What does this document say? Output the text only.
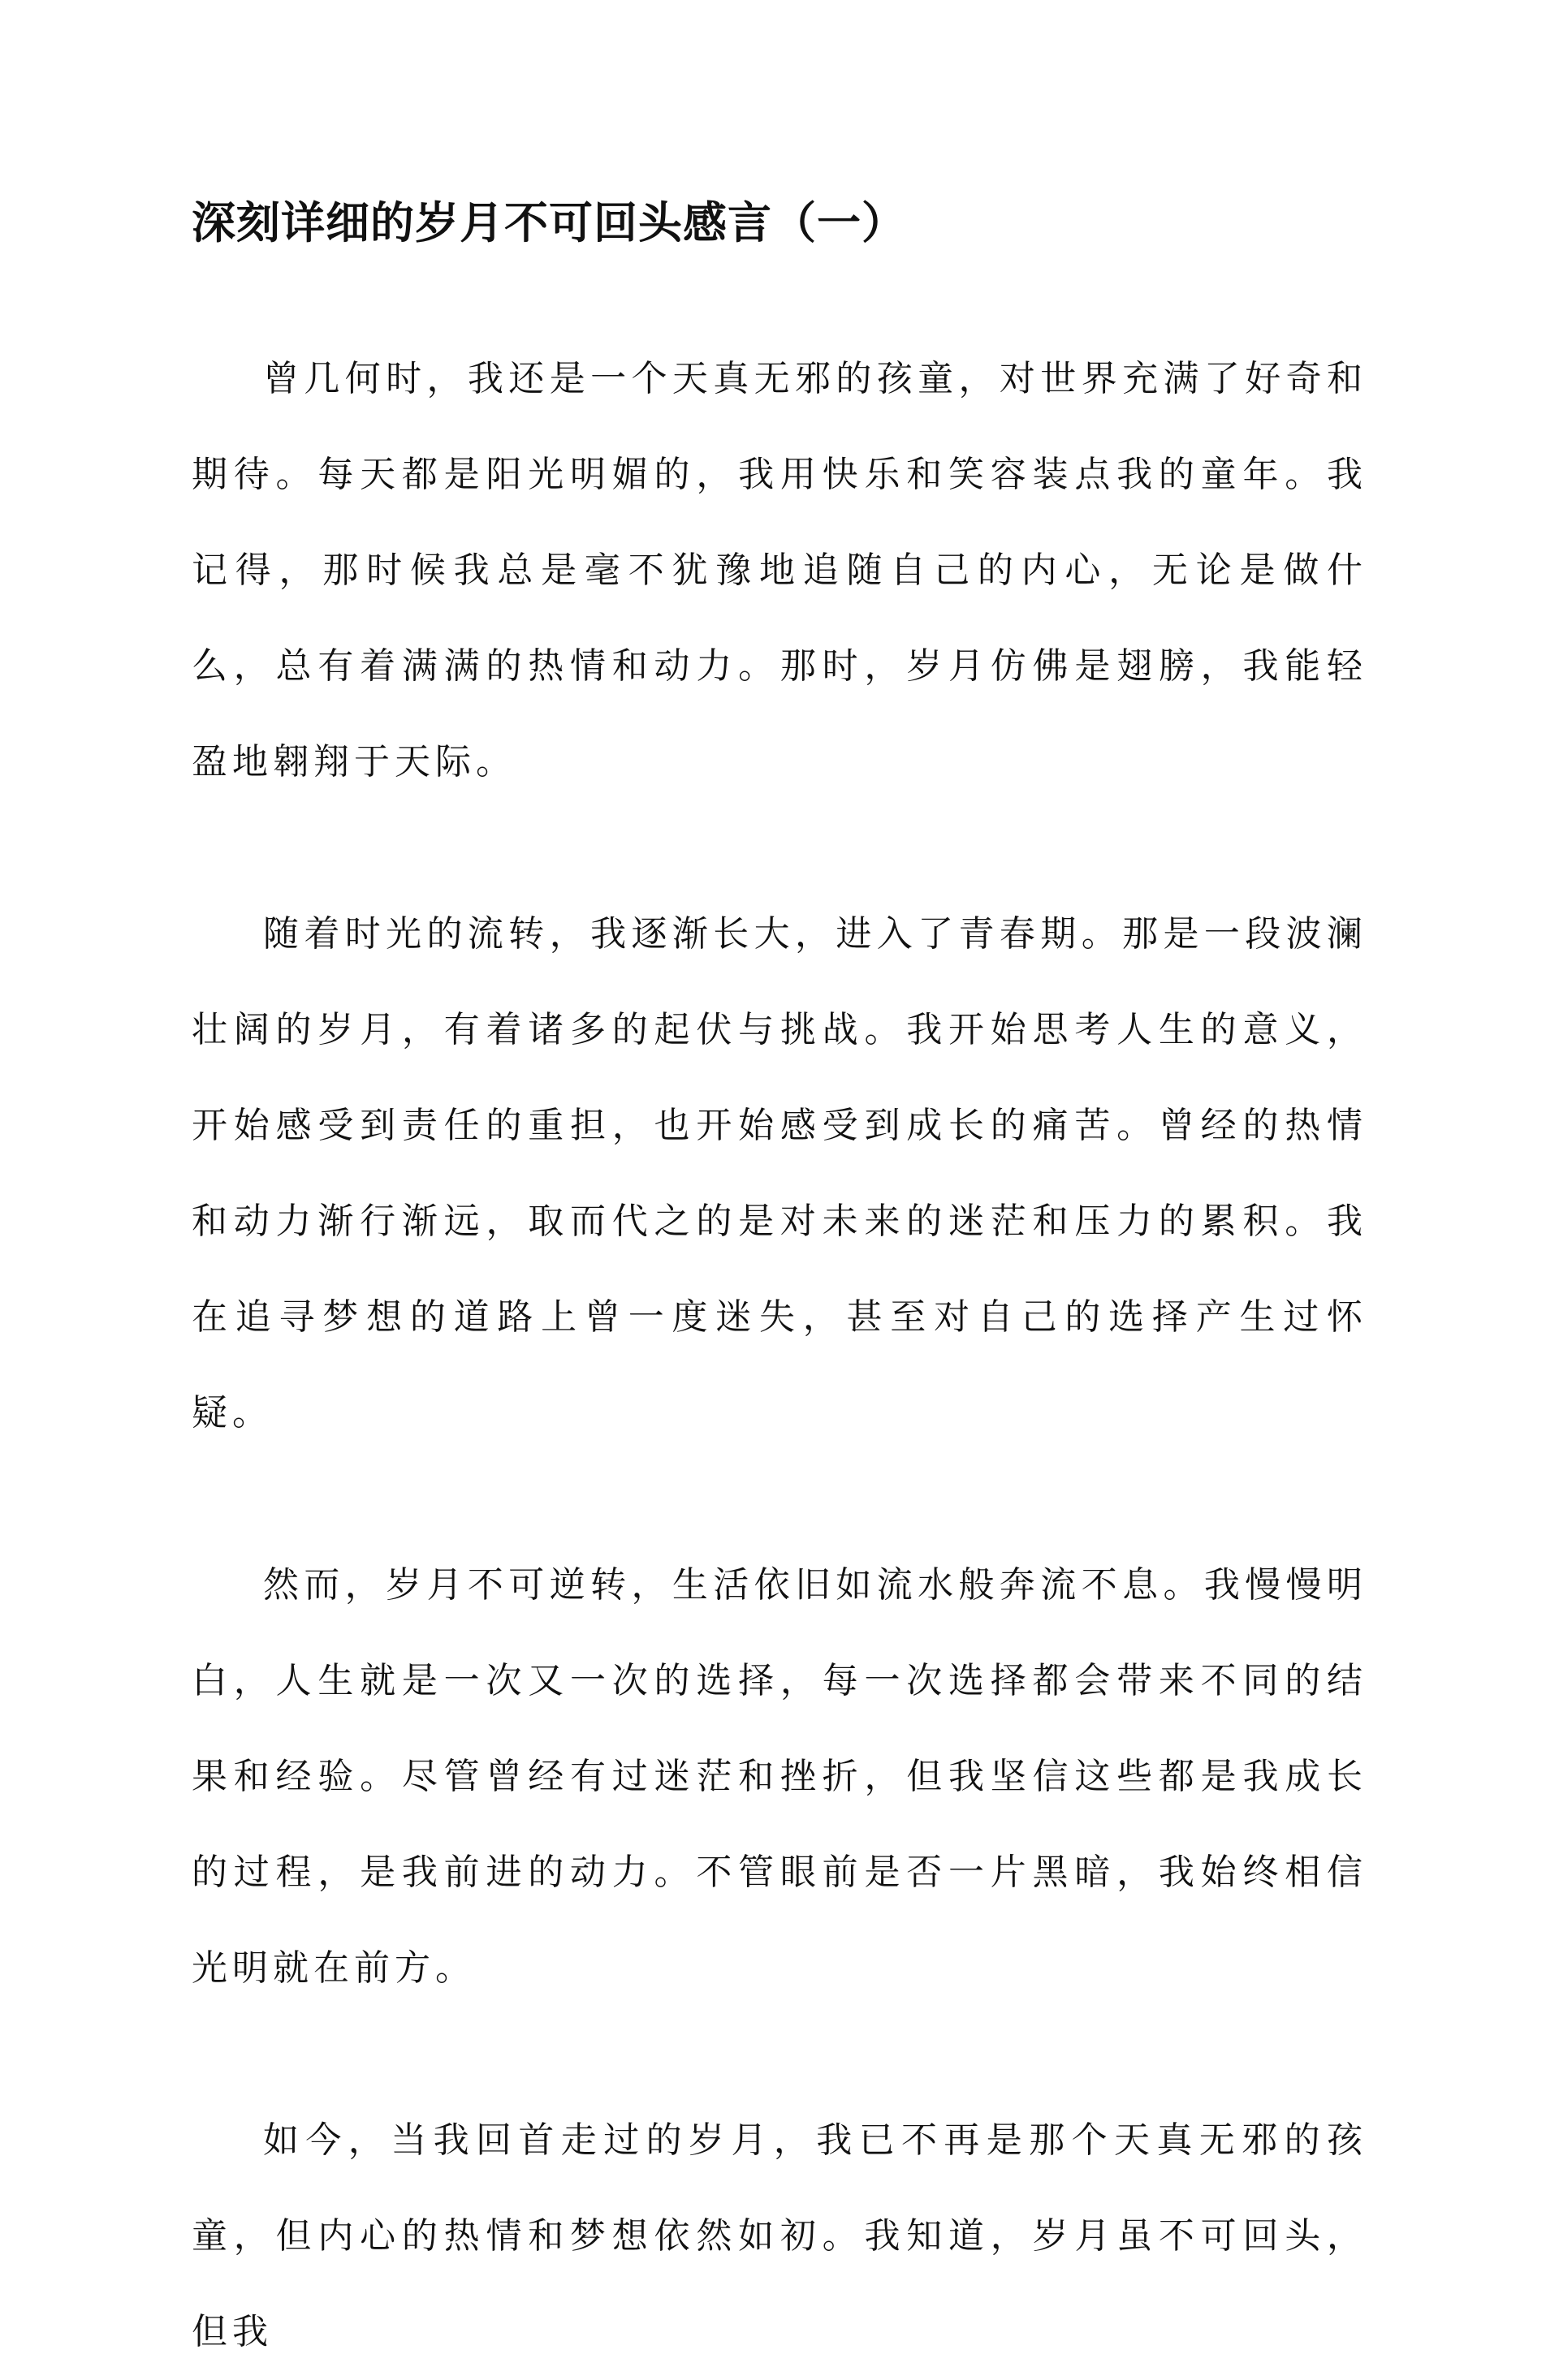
深刻详细的岁月不可回头感言（一）

曾几何时，我还是一个天真无邪的孩童，对世界充满了好奇和期待。每天都是阳光明媚的，我用快乐和笑容装点我的童年。我记得，那时候我总是毫不犹豫地追随自己的内心，无论是做什么，总有着满满的热情和动力。那时，岁月仿佛是翅膀，我能轻盈地翱翔于天际。

随着时光的流转，我逐渐长大，进入了青春期。那是一段波澜壮阔的岁月，有着诸多的起伏与挑战。我开始思考人生的意义，开始感受到责任的重担，也开始感受到成长的痛苦。曾经的热情和动力渐行渐远，取而代之的是对未来的迷茫和压力的累积。我在追寻梦想的道路上曾一度迷失，甚至对自己的选择产生过怀疑。

然而，岁月不可逆转，生活依旧如流水般奔流不息。我慢慢明白，人生就是一次又一次的选择，每一次选择都会带来不同的结果和经验。尽管曾经有过迷茫和挫折，但我坚信这些都是我成长的过程，是我前进的动力。不管眼前是否一片黑暗，我始终相信光明就在前方。

如今，当我回首走过的岁月，我已不再是那个天真无邪的孩童，但内心的热情和梦想依然如初。我知道，岁月虽不可回头，但我
